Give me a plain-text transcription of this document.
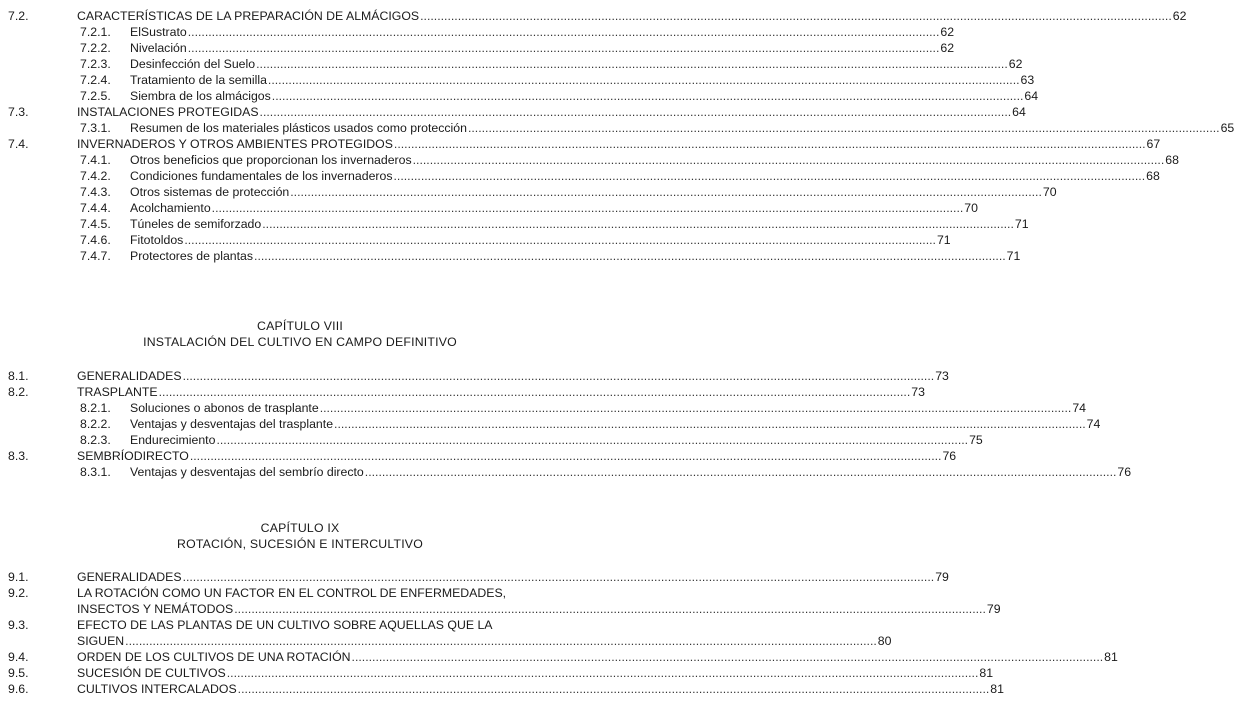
7.2.	CARACTERÍSTICAS DE LA PREPARACIÓN DE ALMÁCIGOS ............................................................................................................................................................................................................................ 62
7.2.1. ElSustrato ............................................................................................................................................................................................................................ 62
7.2.2. Nivelación ............................................................................................................................................................................................................................ 62
7.2.3. Desinfección del Suelo ............................................................................................................................................................................................................................ 62
7.2.4. Tratamiento de la semilla ............................................................................................................................................................................................................................ 63
7.2.5. Siembra de los almácigos ............................................................................................................................................................................................................................ 64
7.3.	INSTALACIONES PROTEGIDAS ............................................................................................................................................................................................................................ 64
7.3.1. Resumen de los materiales plásticos usados como protección ............................................................................................................................................................................................................................ 65
7.4.	INVERNADEROS Y OTROS AMBIENTES PROTEGIDOS ............................................................................................................................................................................................................................ 67
7.4.1. Otros beneficios que proporcionan los invernaderos ............................................................................................................................................................................................................................ 68
7.4.2. Condiciones fundamentales de los invernaderos ............................................................................................................................................................................................................................ 68
7.4.3. Otros sistemas de protección ............................................................................................................................................................................................................................ 70
7.4.4. Acolchamiento ............................................................................................................................................................................................................................ 70
7.4.5. Túneles de semiforzado ............................................................................................................................................................................................................................ 71
7.4.6. Fitotoldos ............................................................................................................................................................................................................................ 71
7.4.7. Protectores de plantas ............................................................................................................................................................................................................................ 71
CAPÍTULO VIII
INSTALACIÓN DEL CULTIVO EN CAMPO DEFINITIVO
8.1.	GENERALIDADES ............................................................................................................................................................................................................................ 73
8.2.	TRASPLANTE ............................................................................................................................................................................................................................ 73
8.2.1. Soluciones o abonos de trasplante ............................................................................................................................................................................................................................ 74
8.2.2. Ventajas y desventajas del trasplante ............................................................................................................................................................................................................................ 74
8.2.3. Endurecimiento ............................................................................................................................................................................................................................ 75
8.3.	SEMBRÍODIRECTO ............................................................................................................................................................................................................................ 76
8.3.1. Ventajas y desventajas del sembrío directo ............................................................................................................................................................................................................................ 76
CAPÍTULO IX
ROTACIÓN, SUCESIÓN E INTERCULTIVO
9.1.	GENERALIDADES ............................................................................................................................................................................................................................ 79
9.2.	LA ROTACIÓN COMO UN FACTOR EN EL CONTROL DE ENFERMEDADES,
INSECTOS Y NEMÁTODOS ............................................................................................................................................................................................................................ 79
9.3.	EFECTO DE LAS PLANTAS DE UN CULTIVO SOBRE AQUELLAS QUE LA
SIGUEN ............................................................................................................................................................................................................................ 80
9.4.	ORDEN DE LOS CULTIVOS DE UNA ROTACIÓN ............................................................................................................................................................................................................................ 81
9.5.	SUCESIÓN DE CULTIVOS ............................................................................................................................................................................................................................ 81
9.6.	CULTIVOS INTERCALADOS ............................................................................................................................................................................................................................ 81
